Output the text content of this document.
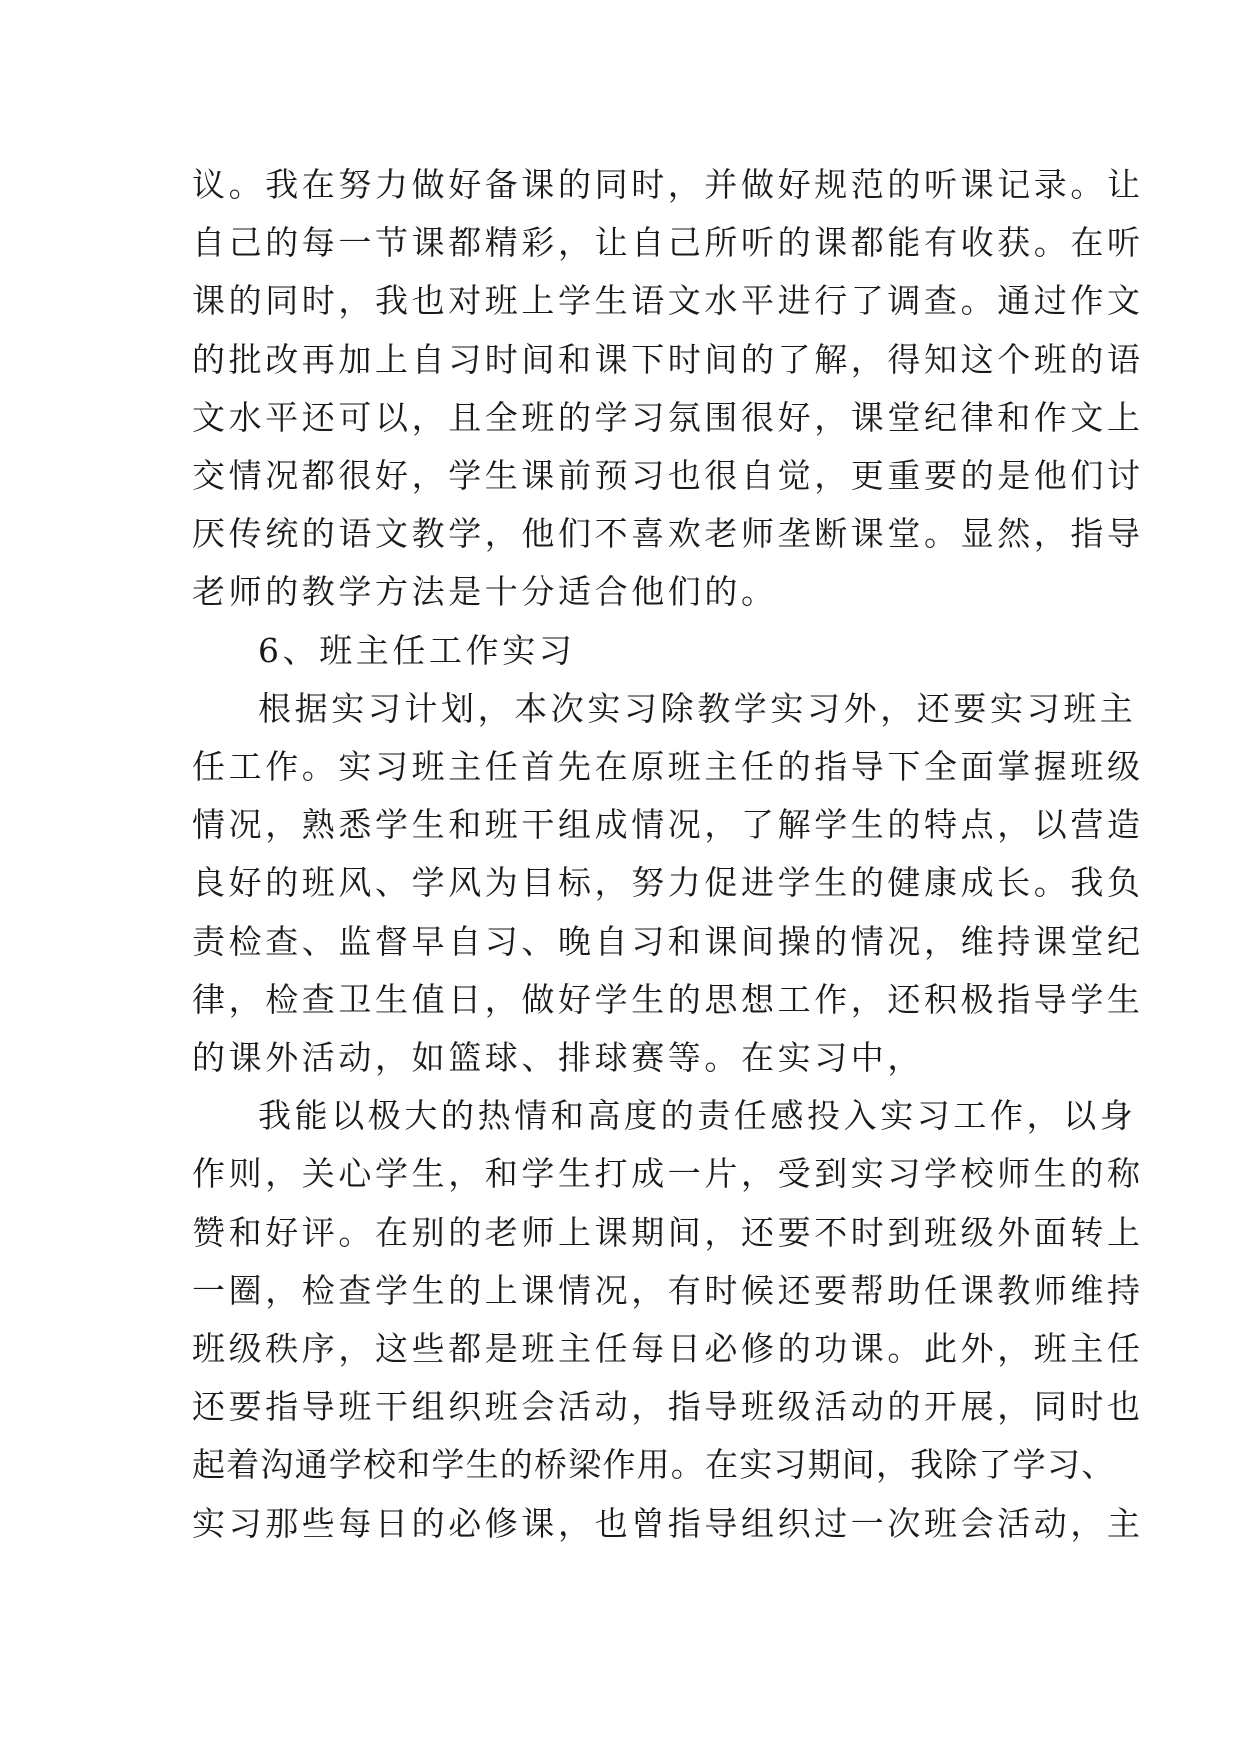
议。我在努力做好备课的同时，并做好规范的听课记录。让
自己的每一节课都精彩，让自己所听的课都能有收获。在听
课的同时，我也对班上学生语文水平进行了调查。通过作文
的批改再加上自习时间和课下时间的了解，得知这个班的语
文水平还可以，且全班的学习氛围很好，课堂纪律和作文上
交情况都很好，学生课前预习也很自觉，更重要的是他们讨
厌传统的语文教学，他们不喜欢老师垄断课堂。显然，指导
老师的教学方法是十分适合他们的。

6、班主任工作实习

根据实习计划，本次实习除教学实习外，还要实习班主
任工作。实习班主任首先在原班主任的指导下全面掌握班级
情况，熟悉学生和班干组成情况，了解学生的特点，以营造
良好的班风、学风为目标，努力促进学生的健康成长。我负
责检查、监督早自习、晚自习和课间操的情况，维持课堂纪
律，检查卫生值日，做好学生的思想工作，还积极指导学生
的课外活动，如篮球、排球赛等。在实习中，

我能以极大的热情和高度的责任感投入实习工作，以身
作则，关心学生，和学生打成一片，受到实习学校师生的称
赞和好评。在别的老师上课期间，还要不时到班级外面转上
一圈，检查学生的上课情况，有时候还要帮助任课教师维持
班级秩序，这些都是班主任每日必修的功课。此外，班主任
还要指导班干组织班会活动，指导班级活动的开展，同时也
起着沟通学校和学生的桥梁作用。在实习期间，我除了学习、
实习那些每日的必修课，也曾指导组织过一次班会活动，主
